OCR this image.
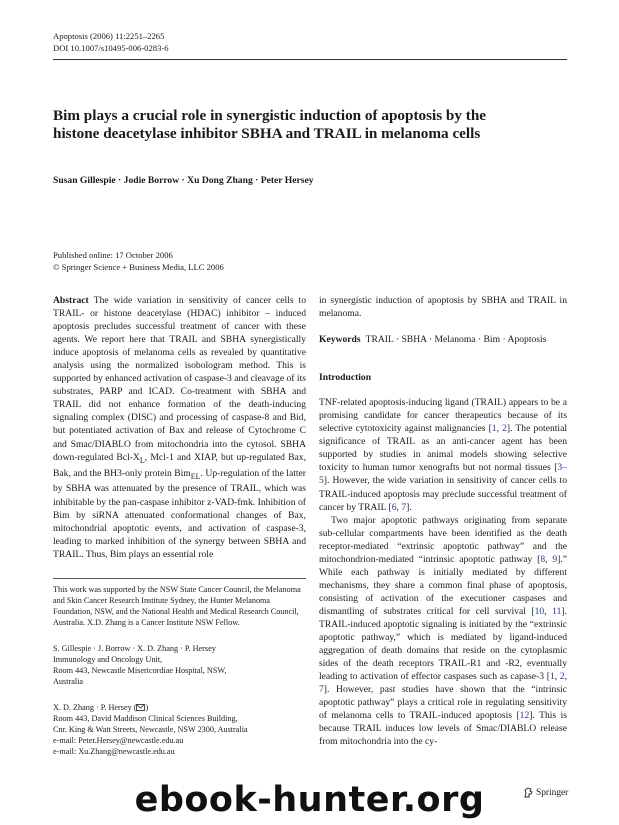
Apoptosis (2006) 11:2251–2265
DOI 10.1007/s10495-006-0283-6
Bim plays a crucial role in synergistic induction of apoptosis by the histone deacetylase inhibitor SBHA and TRAIL in melanoma cells
Susan Gillespie · Jodie Borrow · Xu Dong Zhang · Peter Hersey
Published online: 17 October 2006
© Springer Science + Business Media, LLC 2006

Abstract The wide variation in sensitivity of cancer cells to TRAIL- or histone deacetylase (HDAC) inhibitor – induced apoptosis precludes successful treatment of cancer with these agents. We report here that TRAIL and SBHA synergistically induce apoptosis of melanoma cells as revealed by quantitative analysis using the normalized isobologram method. This is supported by enhanced activation of caspase-3 and cleavage of its substrates, PARP and ICAD. Co-treatment with SBHA and TRAIL did not enhance formation of the death-inducing signaling complex (DISC) and processing of caspase-8 and Bid, but potentiated activation of Bax and release of Cytochrome C and Smac/DIABLO from mitochondria into the cytosol. SBHA down-regulated Bcl-$X_L$, Mcl-1 and XIAP, but up-regulated Bax, Bak, and the BH3-only protein Bim$_{EL}$. Up-regulation of the latter by SBHA was attenuated by the presence of TRAIL, which was inhibitable by the pan-caspase inhibitor z-VAD-fmk. Inhibition of Bim by siRNA attenuated conformational changes of Bax, mitochondrial apoptotic events, and activation of caspase-3, leading to marked inhibition of the synergy between SBHA and TRAIL. Thus, Bim plays an essential role

in synergistic induction of apoptosis by SBHA and TRAIL in melanoma.

Keywords TRAIL · SBHA · Melanoma · Bim · Apoptosis

Introduction

TNF-related apoptosis-inducing ligand (TRAIL) appears to be a promising candidate for cancer therapeutics because of its selective cytotoxicity against malignancies [1, 2]. The potential significance of TRAIL as an anti-cancer agent has been supported by studies in animal models showing selective toxicity to human tumor xenografts but not normal tissues [3–5]. However, the wide variation in sensitivity of cancer cells to TRAIL-induced apoptosis may preclude successful treatment of cancer by TRAIL [6, 7].

Two major apoptotic pathways originating from separate sub-cellular compartments have been identified as the death receptor-mediated “extrinsic apoptotic pathway” and the mitochondrion-mediated “intrinsic apoptotic pathway [8, 9].” While each pathway is initially mediated by different mechanisms, they share a common final phase of apoptosis, consisting of activation of the executioner caspases and dismantling of substrates critical for cell survival [10, 11]. TRAIL-induced apoptotic signaling is initiated by the “extrinsic apoptotic pathway,” which is mediated by ligand-induced aggregation of death domains that reside on the cytoplasmic sides of the death receptors TRAIL-R1 and -R2, eventually leading to activation of effector caspases such as capase-3 [1, 2, 7]. However, past studies have shown that the “intrinsic apoptotic pathway” plays a critical role in regulating sensitivity of melanoma cells to TRAIL-induced apoptosis [12]. This is because TRAIL induces low levels of Smac/DIABLO release from mitochondria into the cy-

This work was supported by the NSW State Cancer Council, the Melanoma and Skin Cancer Research Institute Sydney, the Hunter Melanoma Foundation, NSW, and the National Health and Medical Research Council, Australia. X.D. Zhang is a Cancer Institute NSW Fellow.

S. Gillespie · J. Borrow · X. D. Zhang · P. Hersey

Immunology and Oncology Unit,

Room 443, Newcastle Misericordiae Hospital, NSW,

Australia

X. D. Zhang · P. Hersey ( )

Room 443, David Maddison Clinical Sciences Building,

Cnr. King & Watt Streets, Newcastle, NSW 2300, Australia

e-mail: Peter.Hersey@newcastle.edu.au

e-mail: Xu.Zhang@newcastle.edu.au

Springer
ebook-hunter.org
